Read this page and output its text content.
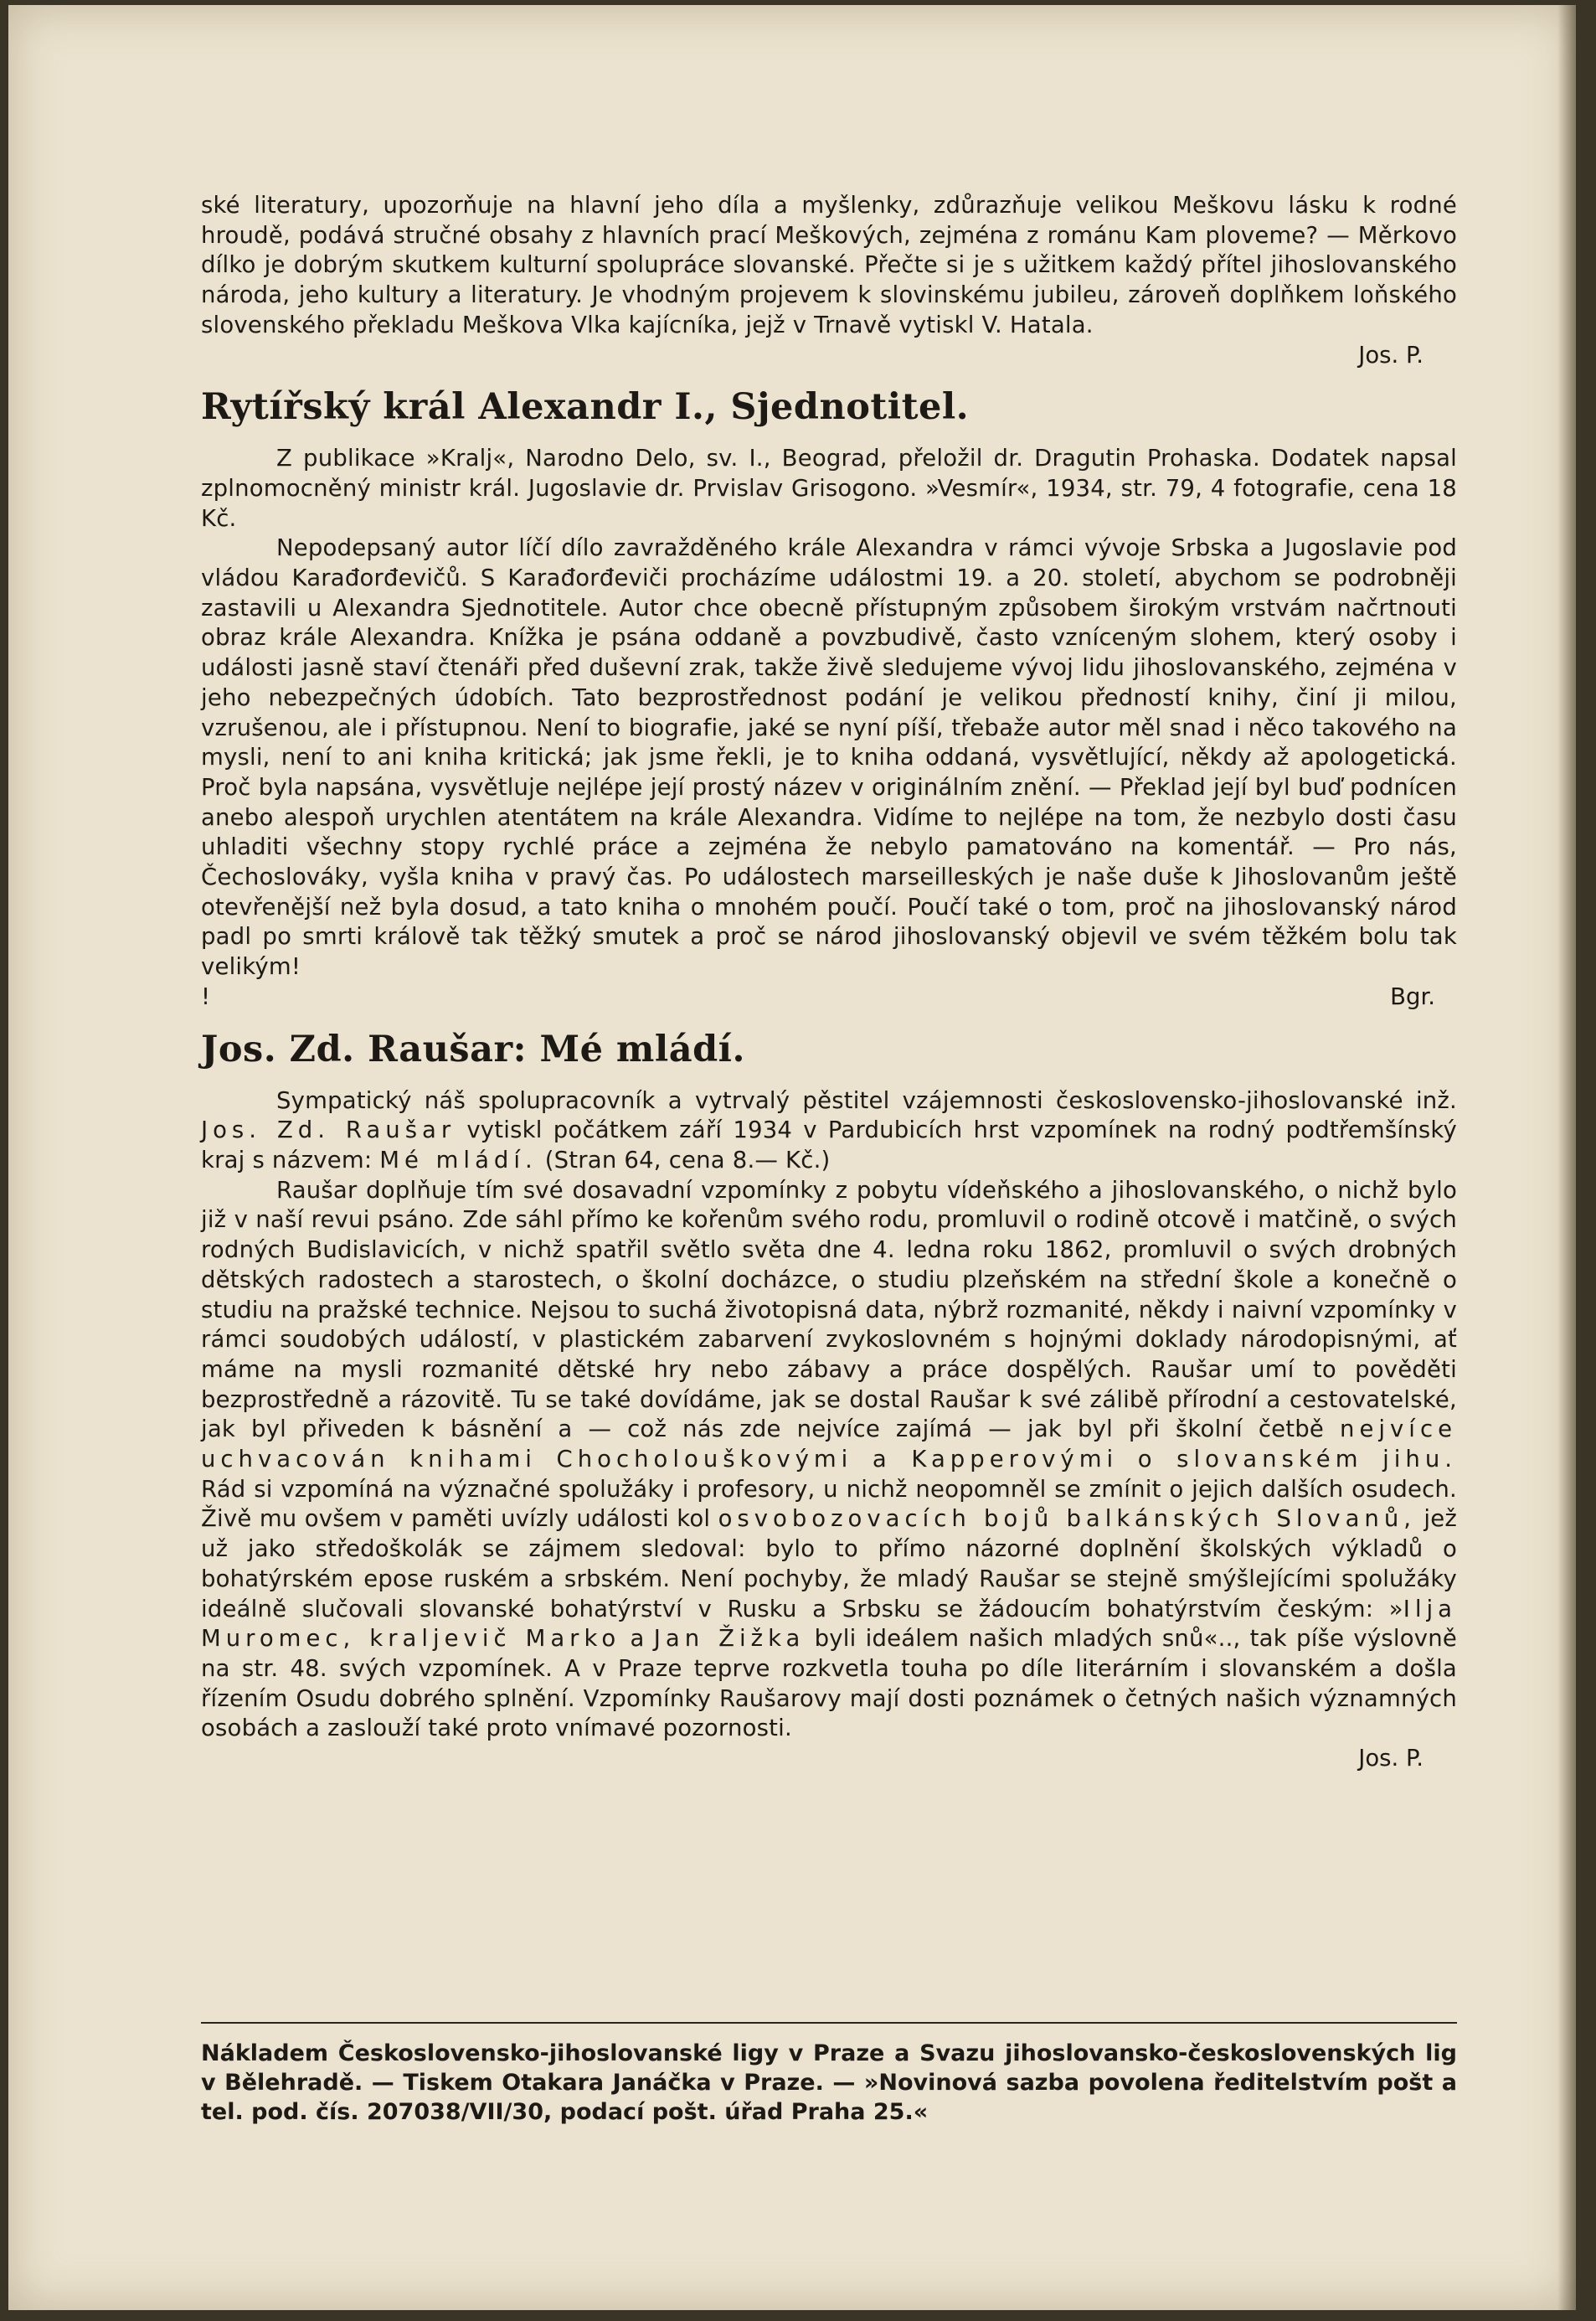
ské literatury, upozorňuje na hlavní jeho díla a myšlenky, zdůrazňuje velikou Meškovu lásku k rodné hroudě, podává stručné obsahy z hlavních prací Meškových, zejména z románu Kam ploveme? — Měrkovo dílko je dobrým skutkem kulturní spolupráce slovanské. Přečte si je s užitkem každý přítel jihoslovanského národa, jeho kultury a literatury. Je vhodným projevem k slovinskému jubileu, zároveň doplňkem loňského slovenského překladu Meškova Vlka kajícníka, jejž v Trnavě vytiskl V. Hatala.

Jos. P.

Rytířský král Alexandr I., Sjednotitel.

Z publikace »Kralj«, Narodno Delo, sv. I., Beograd, přeložil dr. Dragutin Prohaska. Dodatek napsal zplnomocněný ministr král. Jugoslavie dr. Prvislav Grisogono. »Vesmír«, 1934, str. 79, 4 fotografie, cena 18 Kč.

Nepodepsaný autor líčí dílo zavražděného krále Alexandra v rámci vývoje Srbska a Jugoslavie pod vládou Karađorđevičů. S Karađorđeviči procházíme událostmi 19. a 20. století, abychom se podrobněji zastavili u Alexandra Sjednotitele. Autor chce obecně přístupným způsobem širokým vrstvám načrtnouti obraz krále Alexandra. Knížka je psána oddaně a povzbudivě, často vzníceným slohem, který osoby i události jasně staví čtenáři před duševní zrak, takže živě sledujeme vývoj lidu jihoslovanského, zejména v jeho nebezpečných údobích. Tato bezprostřednost podání je velikou předností knihy, činí ji milou, vzrušenou, ale i přístupnou. Není to biografie, jaké se nyní píší, třebaže autor měl snad i něco takového na mysli, není to ani kniha kritická; jak jsme řekli, je to kniha oddaná, vysvětlující, někdy až apologetická. Proč byla napsána, vysvětluje nejlépe její prostý název v originálním znění. — Překlad její byl buď podnícen anebo alespoň urychlen atentátem na krále Alexandra. Vidíme to nejlépe na tom, že nezbylo dosti času uhladiti všechny stopy rychlé práce a zejména že nebylo pamatováno na komentář. — Pro nás, Čechoslováky, vyšla kniha v pravý čas. Po událostech marseilleských je naše duše k Jihoslovanům ještě otevřenější než byla dosud, a tato kniha o mnohém poučí. Poučí také o tom, proč na jihoslovanský národ padl po smrti králově tak těžký smutek a proč se národ jihoslovanský objevil ve svém těžkém bolu tak velikým!

!	Bgr.
Jos. Zd. Raušar: Mé mládí.

Sympatický náš spolupracovník a vytrvalý pěstitel vzájemnosti československo-jihoslovanské inž. Jos. Zd. Raušar vytiskl počátkem září 1934 v Pardubicích hrst vzpomínek na rodný podtřemšínský kraj s názvem: Mé mládí. (Stran 64, cena 8.— Kč.)

Raušar doplňuje tím své dosavadní vzpomínky z pobytu vídeňského a jihoslovanského, o nichž bylo již v naší revui psáno. Zde sáhl přímo ke kořenům svého rodu, promluvil o rodině otcově i matčině, o svých rodných Budislavicích, v nichž spatřil světlo světa dne 4. ledna roku 1862, promluvil o svých drobných dětských radostech a starostech, o školní docházce, o studiu plzeňském na střední škole a konečně o studiu na pražské technice. Nejsou to suchá životopisná data, nýbrž rozmanité, někdy i naivní vzpomínky v rámci soudobých událostí, v plastickém zabarvení zvykoslovném s hojnými doklady národopisnými, ať máme na mysli rozmanité dětské hry nebo zábavy a práce dospělých. Raušar umí to pověděti bezprostředně a rázovitě. Tu se také dovídáme, jak se dostal Raušar k své zálibě přírodní a cestovatelské, jak byl přiveden k básnění a — což nás zde nejvíce zajímá — jak byl při školní četbě nejvíce uchvacován knihami Chocholouškovými a Kapperovými o slovanském jihu. Rád si vzpomíná na význačné spolužáky i profesory, u nichž neopomněl se zmínit o jejich dalších osudech. Živě mu ovšem v paměti uvízly události kol osvobozovacích bojů balkánských Slovanů, jež už jako středoškolák se zájmem sledoval: bylo to přímo názorné doplnění školských výkladů o bohatýrském epose ruském a srbském. Není pochyby, že mladý Raušar se stejně smýšlejícími spolužáky ideálně slučovali slovanské bohatýrství v Rusku a Srbsku se žádoucím bohatýrstvím českým: »Ilja Muromec, kraljevič Marko a Jan Žižka byli ideálem našich mladých snů«.., tak píše výslovně na str. 48. svých vzpomínek. A v Praze teprve rozkvetla touha po díle literárním i slovanském a došla řízením Osudu dobrého splnění. Vzpomínky Raušarovy mají dosti poznámek o četných našich významných osobách a zaslouží také proto vnímavé pozornosti.

Jos. P.

Nákladem Československo-jihoslovanské ligy v Praze a Svazu jihoslovansko-československých lig v Bělehradě. — Tiskem Otakara Janáčka v Praze. — »Novinová sazba povolena ředitelstvím pošt a tel. pod. čís. 207038/VII/30, podací pošt. úřad Praha 25.«
